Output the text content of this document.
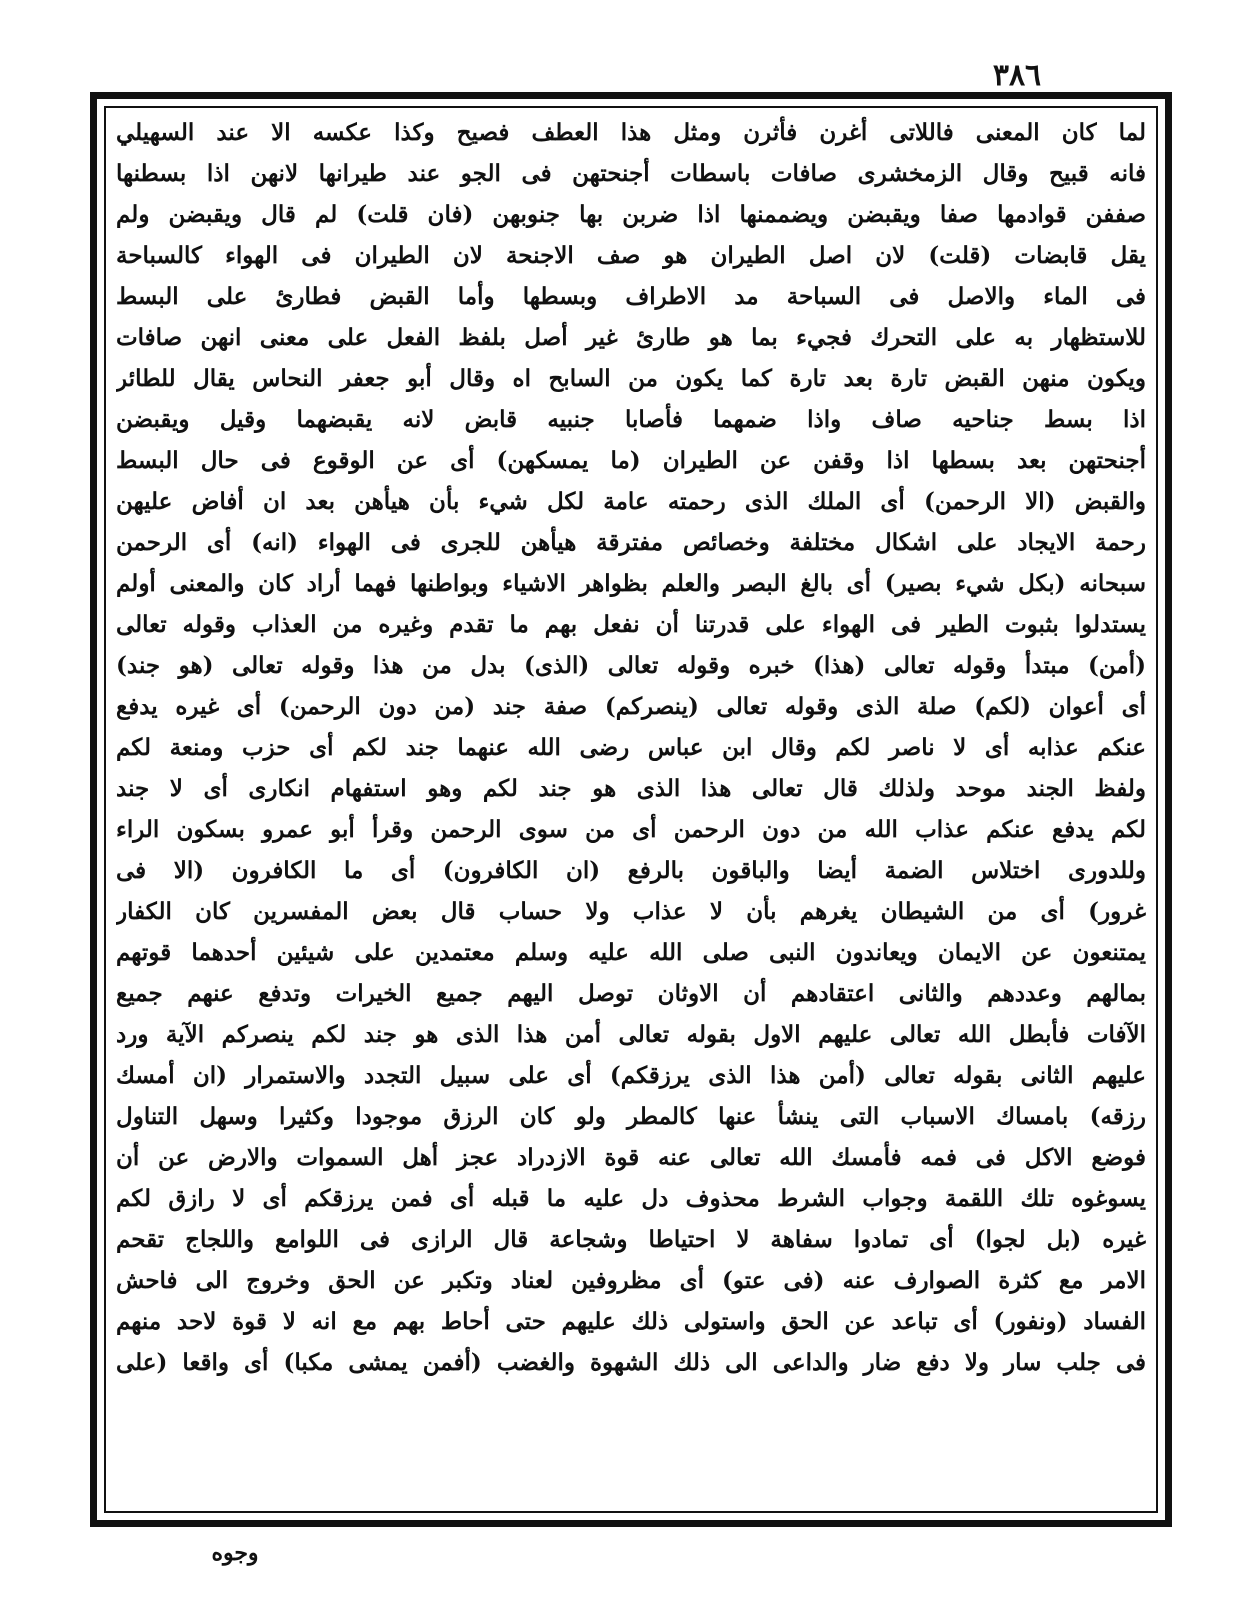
٣٨٦
لما كان المعنى فاللاتى أغرن فأثرن ومثل هذا العطف فصيح وكذا عكسه الا عند السهيلي
فانه قبيح وقال الزمخشرى صافات باسطات أجنحتهن فى الجو عند طيرانها لانهن اذا بسطنها
صففن قوادمها صفا ويقبضن ويضممنها اذا ضربن بها جنوبهن (فان قلت) لم قال ويقبضن ولم
يقل قابضات (قلت) لان اصل الطيران هو صف الاجنحة لان الطيران فى الهواء كالسباحة
فى الماء والاصل فى السباحة مد الاطراف وبسطها وأما القبض فطارئ على البسط
للاستظهار به على التحرك فجيء بما هو طارئ غير أصل بلفظ الفعل على معنى انهن صافات
ويكون منهن القبض تارة بعد تارة كما يكون من السابح اه وقال أبو جعفر النحاس يقال للطائر
اذا بسط جناحيه صاف واذا ضمهما فأصابا جنبيه قابض لانه يقبضهما وقيل ويقبضن
أجنحتهن بعد بسطها اذا وقفن عن الطيران (ما يمسكهن) أى عن الوقوع فى حال البسط
والقبض (الا الرحمن) أى الملك الذى رحمته عامة لكل شيء بأن هيأهن بعد ان أفاض عليهن
رحمة الايجاد على اشكال مختلفة وخصائص مفترقة هيأهن للجرى فى الهواء (انه) أى الرحمن
سبحانه (بكل شيء بصير) أى بالغ البصر والعلم بظواهر الاشياء وبواطنها فهما أراد كان والمعنى أولم
يستدلوا بثبوت الطير فى الهواء على قدرتنا أن نفعل بهم ما تقدم وغيره من العذاب وقوله تعالى
(أمن) مبتدأ وقوله تعالى (هذا) خبره وقوله تعالى (الذى) بدل من هذا وقوله تعالى (هو جند)
أى أعوان (لكم) صلة الذى وقوله تعالى (ينصركم) صفة جند (من دون الرحمن) أى غيره يدفع
عنكم عذابه أى لا ناصر لكم وقال ابن عباس رضى الله عنهما جند لكم أى حزب ومنعة لكم
ولفظ الجند موحد ولذلك قال تعالى هذا الذى هو جند لكم وهو استفهام انكارى أى لا جند
لكم يدفع عنكم عذاب الله من دون الرحمن أى من سوى الرحمن وقرأ أبو عمرو بسكون الراء
وللدورى اختلاس الضمة أيضا والباقون بالرفع (ان الكافرون) أى ما الكافرون (الا فى
غرور) أى من الشيطان يغرهم بأن لا عذاب ولا حساب قال بعض المفسرين كان الكفار
يمتنعون عن الايمان ويعاندون النبى صلى الله عليه وسلم معتمدين على شيئين أحدهما قوتهم
بمالهم وعددهم والثانى اعتقادهم أن الاوثان توصل اليهم جميع الخيرات وتدفع عنهم جميع
الآفات فأبطل الله تعالى عليهم الاول بقوله تعالى أمن هذا الذى هو جند لكم ينصركم الآية ورد
عليهم الثانى بقوله تعالى (أمن هذا الذى يرزقكم) أى على سبيل التجدد والاستمرار (ان أمسك
رزقه) بامساك الاسباب التى ينشأ عنها كالمطر ولو كان الرزق موجودا وكثيرا وسهل التناول
فوضع الاكل فى فمه فأمسك الله تعالى عنه قوة الازدراد عجز أهل السموات والارض عن أن
يسوغوه تلك اللقمة وجواب الشرط محذوف دل عليه ما قبله أى فمن يرزقكم أى لا رازق لكم
غيره (بل لجوا) أى تمادوا سفاهة لا احتياطا وشجاعة قال الرازى فى اللوامع واللجاج تقحم
الامر مع كثرة الصوارف عنه (فى عتو) أى مظروفين لعناد وتكبر عن الحق وخروج الى فاحش
الفساد (ونفور) أى تباعد عن الحق واستولى ذلك عليهم حتى أحاط بهم مع انه لا قوة لاحد منهم
فى جلب سار ولا دفع ضار والداعى الى ذلك الشهوة والغضب (أفمن يمشى مكبا) أى واقعا (على
وجوه
